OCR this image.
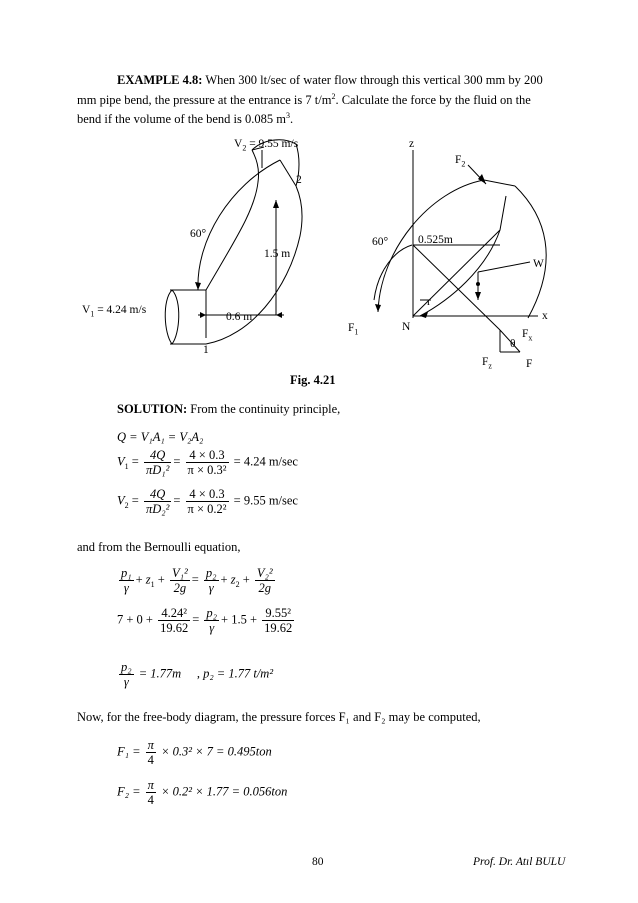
EXAMPLE 4.8: When 300 lt/sec of water flow through this vertical 300 mm by 200
mm pipe bend, the pressure at the entrance is 7 $t/m^2$. Calculate the force by the fluid on the
bend if the volume of the bend is 0.085 $m^3$.
$V_2 = 9.55$ m/s
2
60°
1.5 m
$V_1 = 4.24$ m/s
0.6 m
1
z
$F_2$
60°	0.525m
W
r
x
$F_1$	N
$F_x$
θ
$F_z$	F
Fig. 4.21
SOLUTION: From the continuity principle,
Q = V₁A₁ = V₂A₂
$V_1 = \frac{4Q}{\text{πD₁²}} = \frac{4 \times 0.3}{\text{π × 0.3²}} = 4.24$ m/sec
$V_2 = \frac{4Q}{\text{πD₂²}} = \frac{4 \times 0.3}{\text{π × 0.2²}} = 9.55$ m/sec
and from the Bernoulli equation,
$\frac{\text{p₁}}{\gamma} + z_1 + \frac{\text{V₁²}}{2g} = \frac{\text{p₂}}{\gamma} + z_2 + \frac{\text{V₂²}}{2g}$
$7 + 0 + \frac{\text{4.24²}}{19.62} = \frac{\text{p₂}}{\gamma} + 1.5 + \frac{\text{9.55²}}{19.62}$
$\frac{\text{p₂}}{\gamma} = 1.77m$ , p₂ = 1.77 t/m²
Now, for the free-body diagram, the pressure forces F₁ and F₂ may be computed,
$F_1 = \frac{\pi}{4} \times 0.3^2 \times 7 = 0.495ton$
$F_2 = \frac{\pi}{4} \times 0.2^2 \times 1.77 = 0.056ton$
80	Prof. Dr. Atıl BULU
